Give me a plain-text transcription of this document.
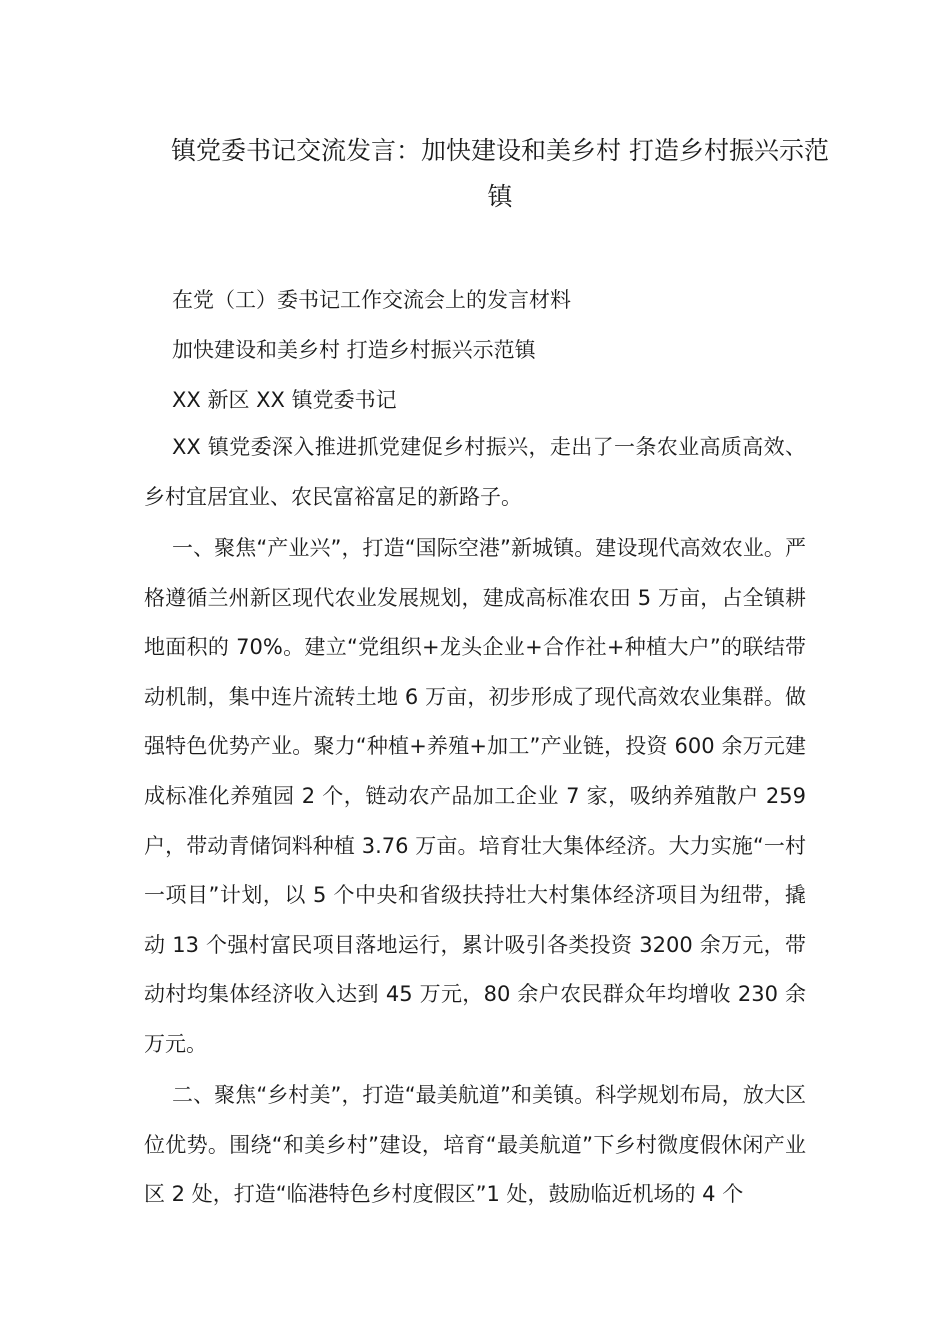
镇党委书记交流发言：加快建设和美乡村 打造乡村振兴示范镇

在党（工）委书记工作交流会上的发言材料

加快建设和美乡村 打造乡村振兴示范镇

XX 新区 XX 镇党委书记

XX 镇党委深入推进抓党建促乡村振兴，走出了一条农业高质高效、乡村宜居宜业、农民富裕富足的新路子。

一、聚焦“产业兴”，打造“国际空港”新城镇。建设现代高效农业。严格遵循兰州新区现代农业发展规划，建成高标准农田 5 万亩，占全镇耕地面积的 70%。建立“党组织+龙头企业+合作社+种植大户”的联结带动机制，集中连片流转土地 6 万亩，初步形成了现代高效农业集群。做强特色优势产业。聚力“种植+养殖+加工”产业链，投资 600 余万元建成标准化养殖园 2 个，链动农产品加工企业 7 家，吸纳养殖散户 259 户，带动青储饲料种植 3.76 万亩。培育壮大集体经济。大力实施“一村一项目”计划，以 5 个中央和省级扶持壮大村集体经济项目为纽带，撬动 13 个强村富民项目落地运行，累计吸引各类投资 3200 余万元，带动村均集体经济收入达到 45 万元，80 余户农民群众年均增收 230 余万元。

二、聚焦“乡村美”，打造“最美航道”和美镇。科学规划布局，放大区位优势。围绕“和美乡村”建设，培育“最美航道”下乡村微度假休闲产业区 2 处，打造“临港特色乡村度假区”1 处，鼓励临近机场的 4 个
